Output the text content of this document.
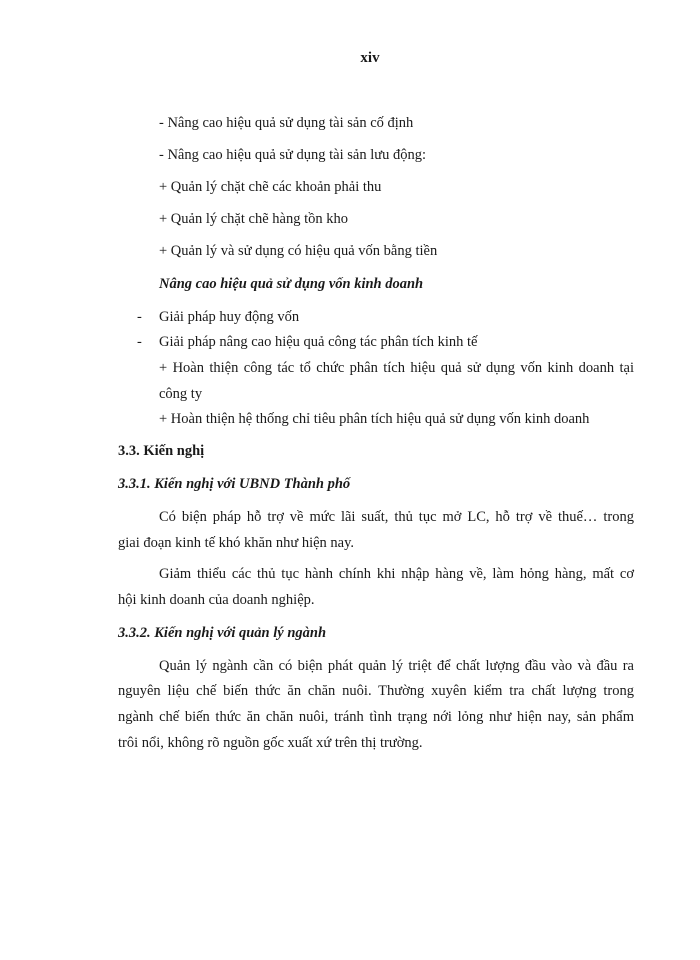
xiv
- Nâng cao hiệu quả sử dụng tài sản cố định
- Nâng cao hiệu quả sử dụng tài sản lưu động:
+ Quản lý chặt chẽ các khoản phải thu
+ Quản lý chặt chẽ hàng tồn kho
+ Quản lý và sử dụng có hiệu quả vốn bằng tiền
Nâng cao hiệu quả sử dụng vốn kinh doanh
- Giải pháp huy động vốn
- Giải pháp nâng cao hiệu quả công tác phân tích kinh tế
+ Hoàn thiện công tác tổ chức phân tích hiệu quả sử dụng vốn kinh doanh tại
công ty
+ Hoàn thiện hệ thống chỉ tiêu phân tích hiệu quả sử dụng vốn kinh doanh
3.3. Kiến nghị
3.3.1. Kiến nghị với UBND Thành phố
Có biện pháp hỗ trợ về mức lãi suất, thủ tục mở LC, hỗ trợ về thuế… trong
giai đoạn kinh tế khó khăn như hiện nay.
Giảm thiểu các thủ tục hành chính khi nhập hàng về, làm hỏng hàng, mất cơ
hội kinh doanh của doanh nghiệp.
3.3.2. Kiến nghị với quản lý ngành
Quản lý ngành cần có biện phát quản lý triệt để chất lượng đầu vào và đầu ra
nguyên liệu chế biến thức ăn chăn nuôi. Thường xuyên kiểm tra chất lượng trong
ngành chế biến thức ăn chăn nuôi, tránh tình trạng nới lỏng như hiện nay, sản phẩm
trôi nổi, không rõ nguồn gốc xuất xứ trên thị trường.
